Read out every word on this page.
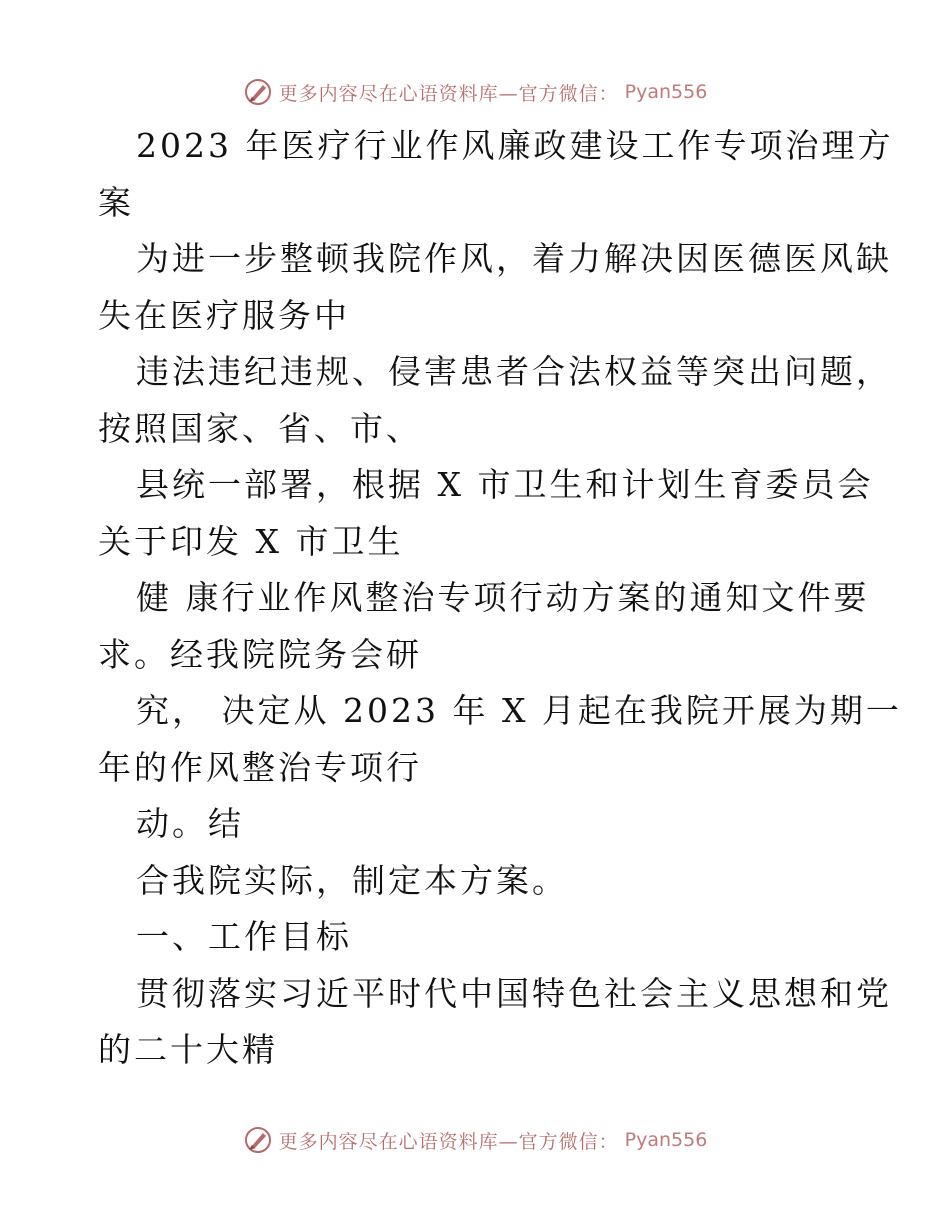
更多内容尽在心语资料库—官方微信： Pyan556
2023 年医疗行业作风廉政建设工作专项治理方
案
为进一步整顿我院作风，着力解决因医德医风缺
失在医疗服务中
违法违纪违规、侵害患者合法权益等突出问题，
按照国家、省、市、
县统一部署，根据 X 市卫生和计划生育委员会
关于印发 X 市卫生
健 康行业作风整治专项行动方案的通知文件要
求。经我院院务会研
究， 决定从 2023 年 X 月起在我院开展为期一
年的作风整治专项行
动。结
合我院实际，制定本方案。
一、工作目标
贯彻落实习近平时代中国特色社会主义思想和党
的二十大精
更多内容尽在心语资料库—官方微信： Pyan556
